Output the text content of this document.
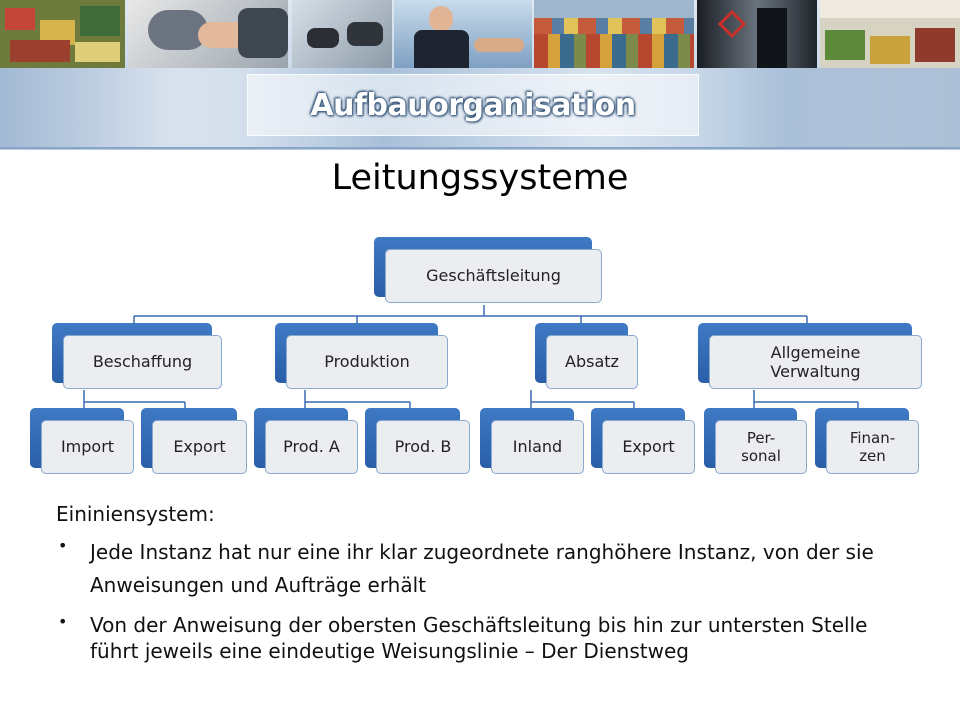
Aufbauorganisation
Leitungssysteme
Geschäftsleitung
Beschaffung	Produktion	Absatz
Allgemeine Verwaltung
Import	Export	Prod. A	Prod. B	Inland	Export	Per- sonal
Finan- zen
Eininiensystem:
• Jede Instanz hat nur eine ihr klar zugeordnete ranghöhere Instanz, von der sie Anweisungen und Aufträge erhält
• Von der Anweisung der obersten Geschäftsleitung bis hin zur untersten Stelle führt jeweils eine eindeutige Weisungslinie – Der Dienstweg
